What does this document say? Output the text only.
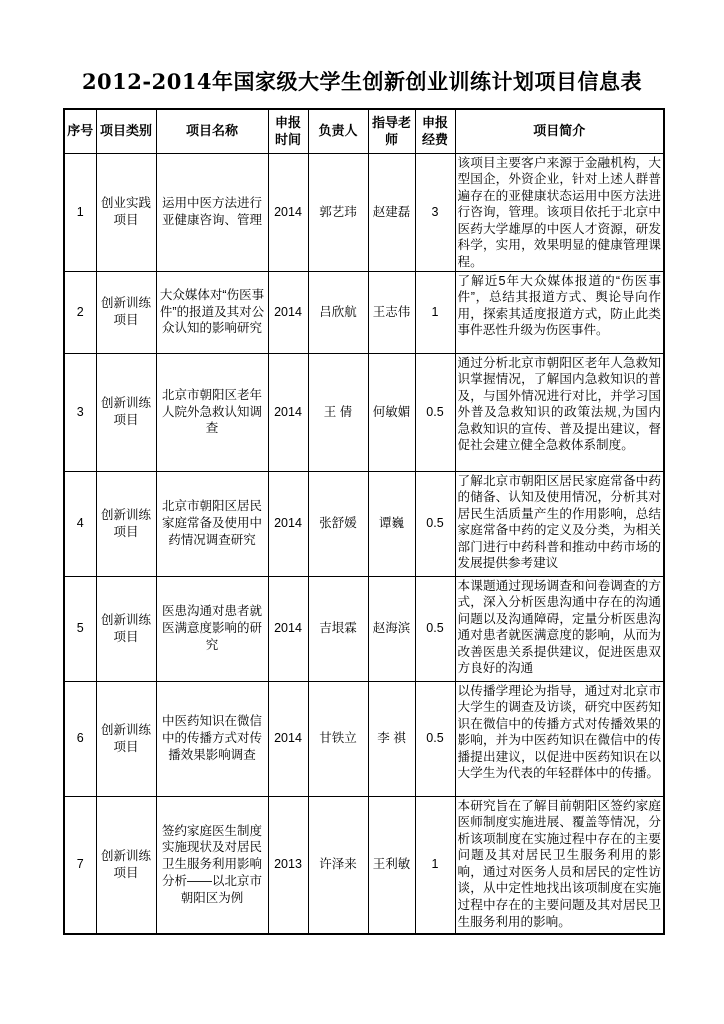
2012-2014年国家级大学生创新创业训练计划项目信息表
序号	项目类别	项目名称	申报时间	负责人	指导老师	申报经费	项目简介
1	创业实践项目	运用中医方法进行亚健康咨询、管理	2014	郭艺玮	赵建磊	3	该项目主要客户来源于金融机构，大型国企，外资企业，针对上述人群普遍存在的亚健康状态运用中医方法进行咨询，管理。该项目依托于北京中医药大学雄厚的中医人才资源，研发科学，实用，效果明显的健康管理课程。

2	创新训练项目	大众媒体对“伤医事件”的报道及其对公众认知的影响研究	2014	吕欣航	王志伟	1	了解近5年大众媒体报道的“伤医事件”，总结其报道方式、舆论导向作用，探索其适度报道方式，防止此类事件恶性升级为伤医事件。

3	创新训练项目	北京市朝阳区老年人院外急救认知调查	2014	王 倩	何敏媚	0.5	通过分析北京市朝阳区老年人急救知识掌握情况，了解国内急救知识的普及，与国外情况进行对比，并学习国外普及急救知识的政策法规,为国内急救知识的宣传、普及提出建议，督促社会建立健全急救体系制度。

4	创新训练项目	北京市朝阳区居民家庭常备及使用中药情况调查研究	2014	张舒媛	谭巍	0.5	了解北京市朝阳区居民家庭常备中药的储备、认知及使用情况，分析其对居民生活质量产生的作用影响，总结家庭常备中药的定义及分类，为相关部门进行中药科普和推动中药市场的发展提供参考建议

5	创新训练项目	医患沟通对患者就医满意度影响的研究	2014	吉垠霖	赵海滨	0.5	本课题通过现场调查和问卷调查的方式，深入分析医患沟通中存在的沟通问题以及沟通障碍，定量分析医患沟通对患者就医满意度的影响，从而为改善医患关系提供建议，促进医患双方良好的沟通

6	创新训练项目	中医药知识在微信中的传播方式对传播效果影响调查	2014	甘铁立	李 祺	0.5	以传播学理论为指导，通过对北京市大学生的调查及访谈，研究中医药知识在微信中的传播方式对传播效果的影响，并为中医药知识在微信中的传播提出建议，以促进中医药知识在以大学生为代表的年轻群体中的传播。

7	创新训练项目	签约家庭医生制度实施现状及对居民卫生服务利用影响分析——以北京市朝阳区为例	2013	许泽来	王利敏	1	本研究旨在了解目前朝阳区签约家庭医师制度实施进展、覆盖等情况，分析该项制度在实施过程中存在的主要问题及其对居民卫生服务利用的影响，通过对医务人员和居民的定性访谈，从中定性地找出该项制度在实施过程中存在的主要问题及其对居民卫生服务利用的影响。
